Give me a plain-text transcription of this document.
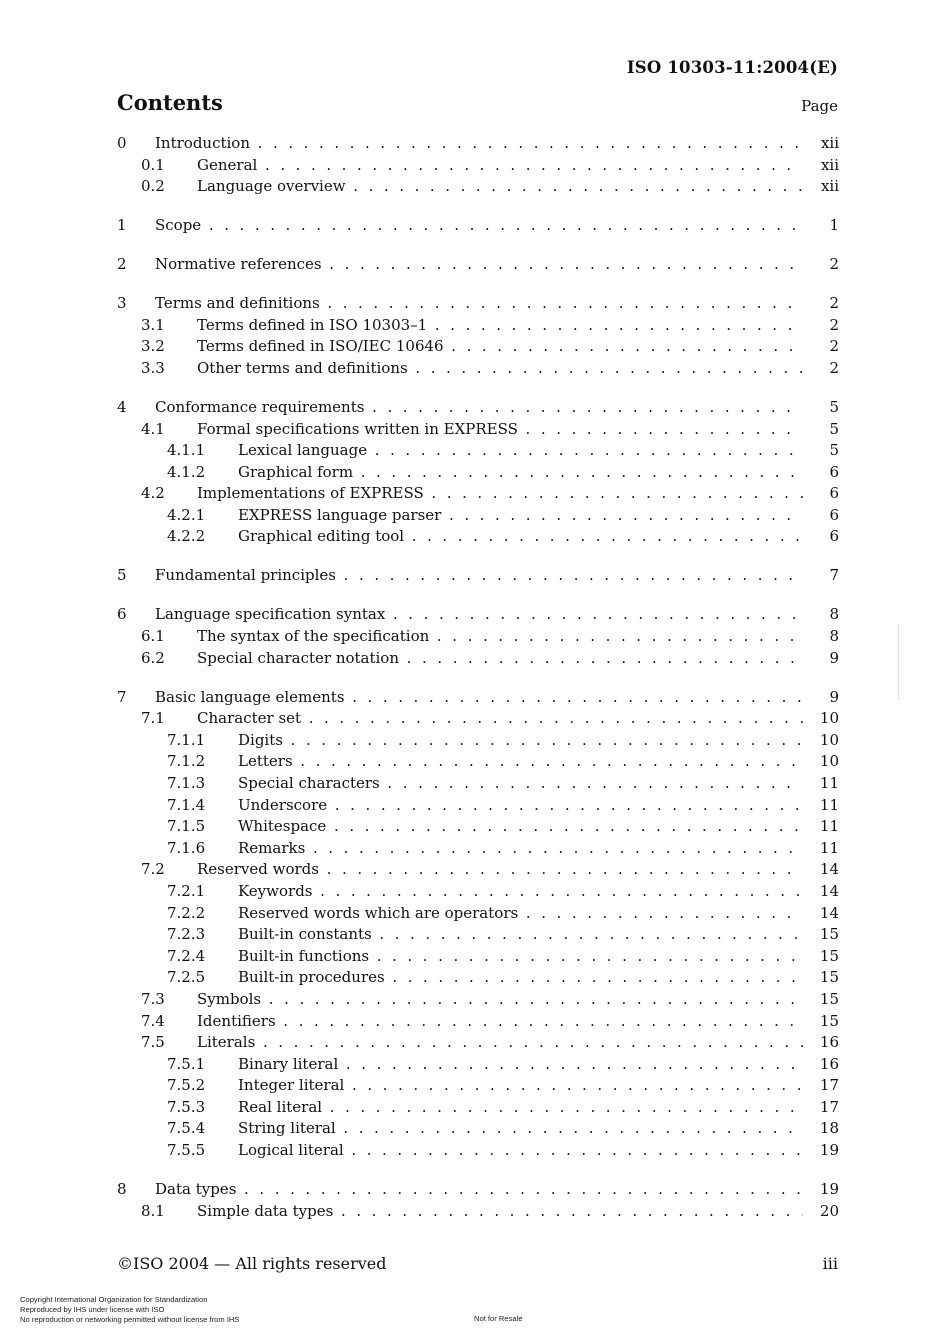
ISO 10303-11:2004(E)
Contents	Page
0 Introduction . . .	xii
0.1 General . . .	xii
0.2 Language overview . . .	xii
1 Scope . . .	1
2 Normative references . . .	2
3 Terms and definitions . . .	2
3.1 Terms defined in ISO 10303–1 . . .	2
3.2 Terms defined in ISO/IEC 10646 . . .	2
3.3 Other terms and definitions . . .	2
4 Conformance requirements . . .	5
4.1 Formal specifications written in EXPRESS . . .	5
4.1.1 Lexical language . . .	5
4.1.2 Graphical form . . .	6
4.2 Implementations of EXPRESS . . .	6
4.2.1 EXPRESS language parser . . .	6
4.2.2 Graphical editing tool . . .	6
5 Fundamental principles . . .	7
6 Language specification syntax . . .	8
6.1 The syntax of the specification . . .	8
6.2 Special character notation . . .	9
7 Basic language elements . . .	9
7.1 Character set . . .	10
7.1.1 Digits . . .	10
7.1.2 Letters . . .	10
7.1.3 Special characters . . .	11
7.1.4 Underscore . . .	11
7.1.5 Whitespace . . .	11
7.1.6 Remarks . . .	11
7.2 Reserved words . . .	14
7.2.1 Keywords . . .	14
7.2.2 Reserved words which are operators . . .	14
7.2.3 Built-in constants . . .	15
7.2.4 Built-in functions . . .	15
7.2.5 Built-in procedures . . .	15
7.3 Symbols . . .	15
7.4 Identifiers . . .	15
7.5 Literals . . .	16
7.5.1 Binary literal . . .	16
7.5.2 Integer literal . . .	17
7.5.3 Real literal . . .	17
7.5.4 String literal . . .	18
7.5.5 Logical literal . . .	19
8 Data types . . .	19
8.1 Simple data types . . .	20
©ISO 2004 — All rights reserved	iii
Copyright International Organization for Standardization
Reproduced by IHS under license with ISO
No reproduction or networking permitted without license from IHS	Not for Resale
